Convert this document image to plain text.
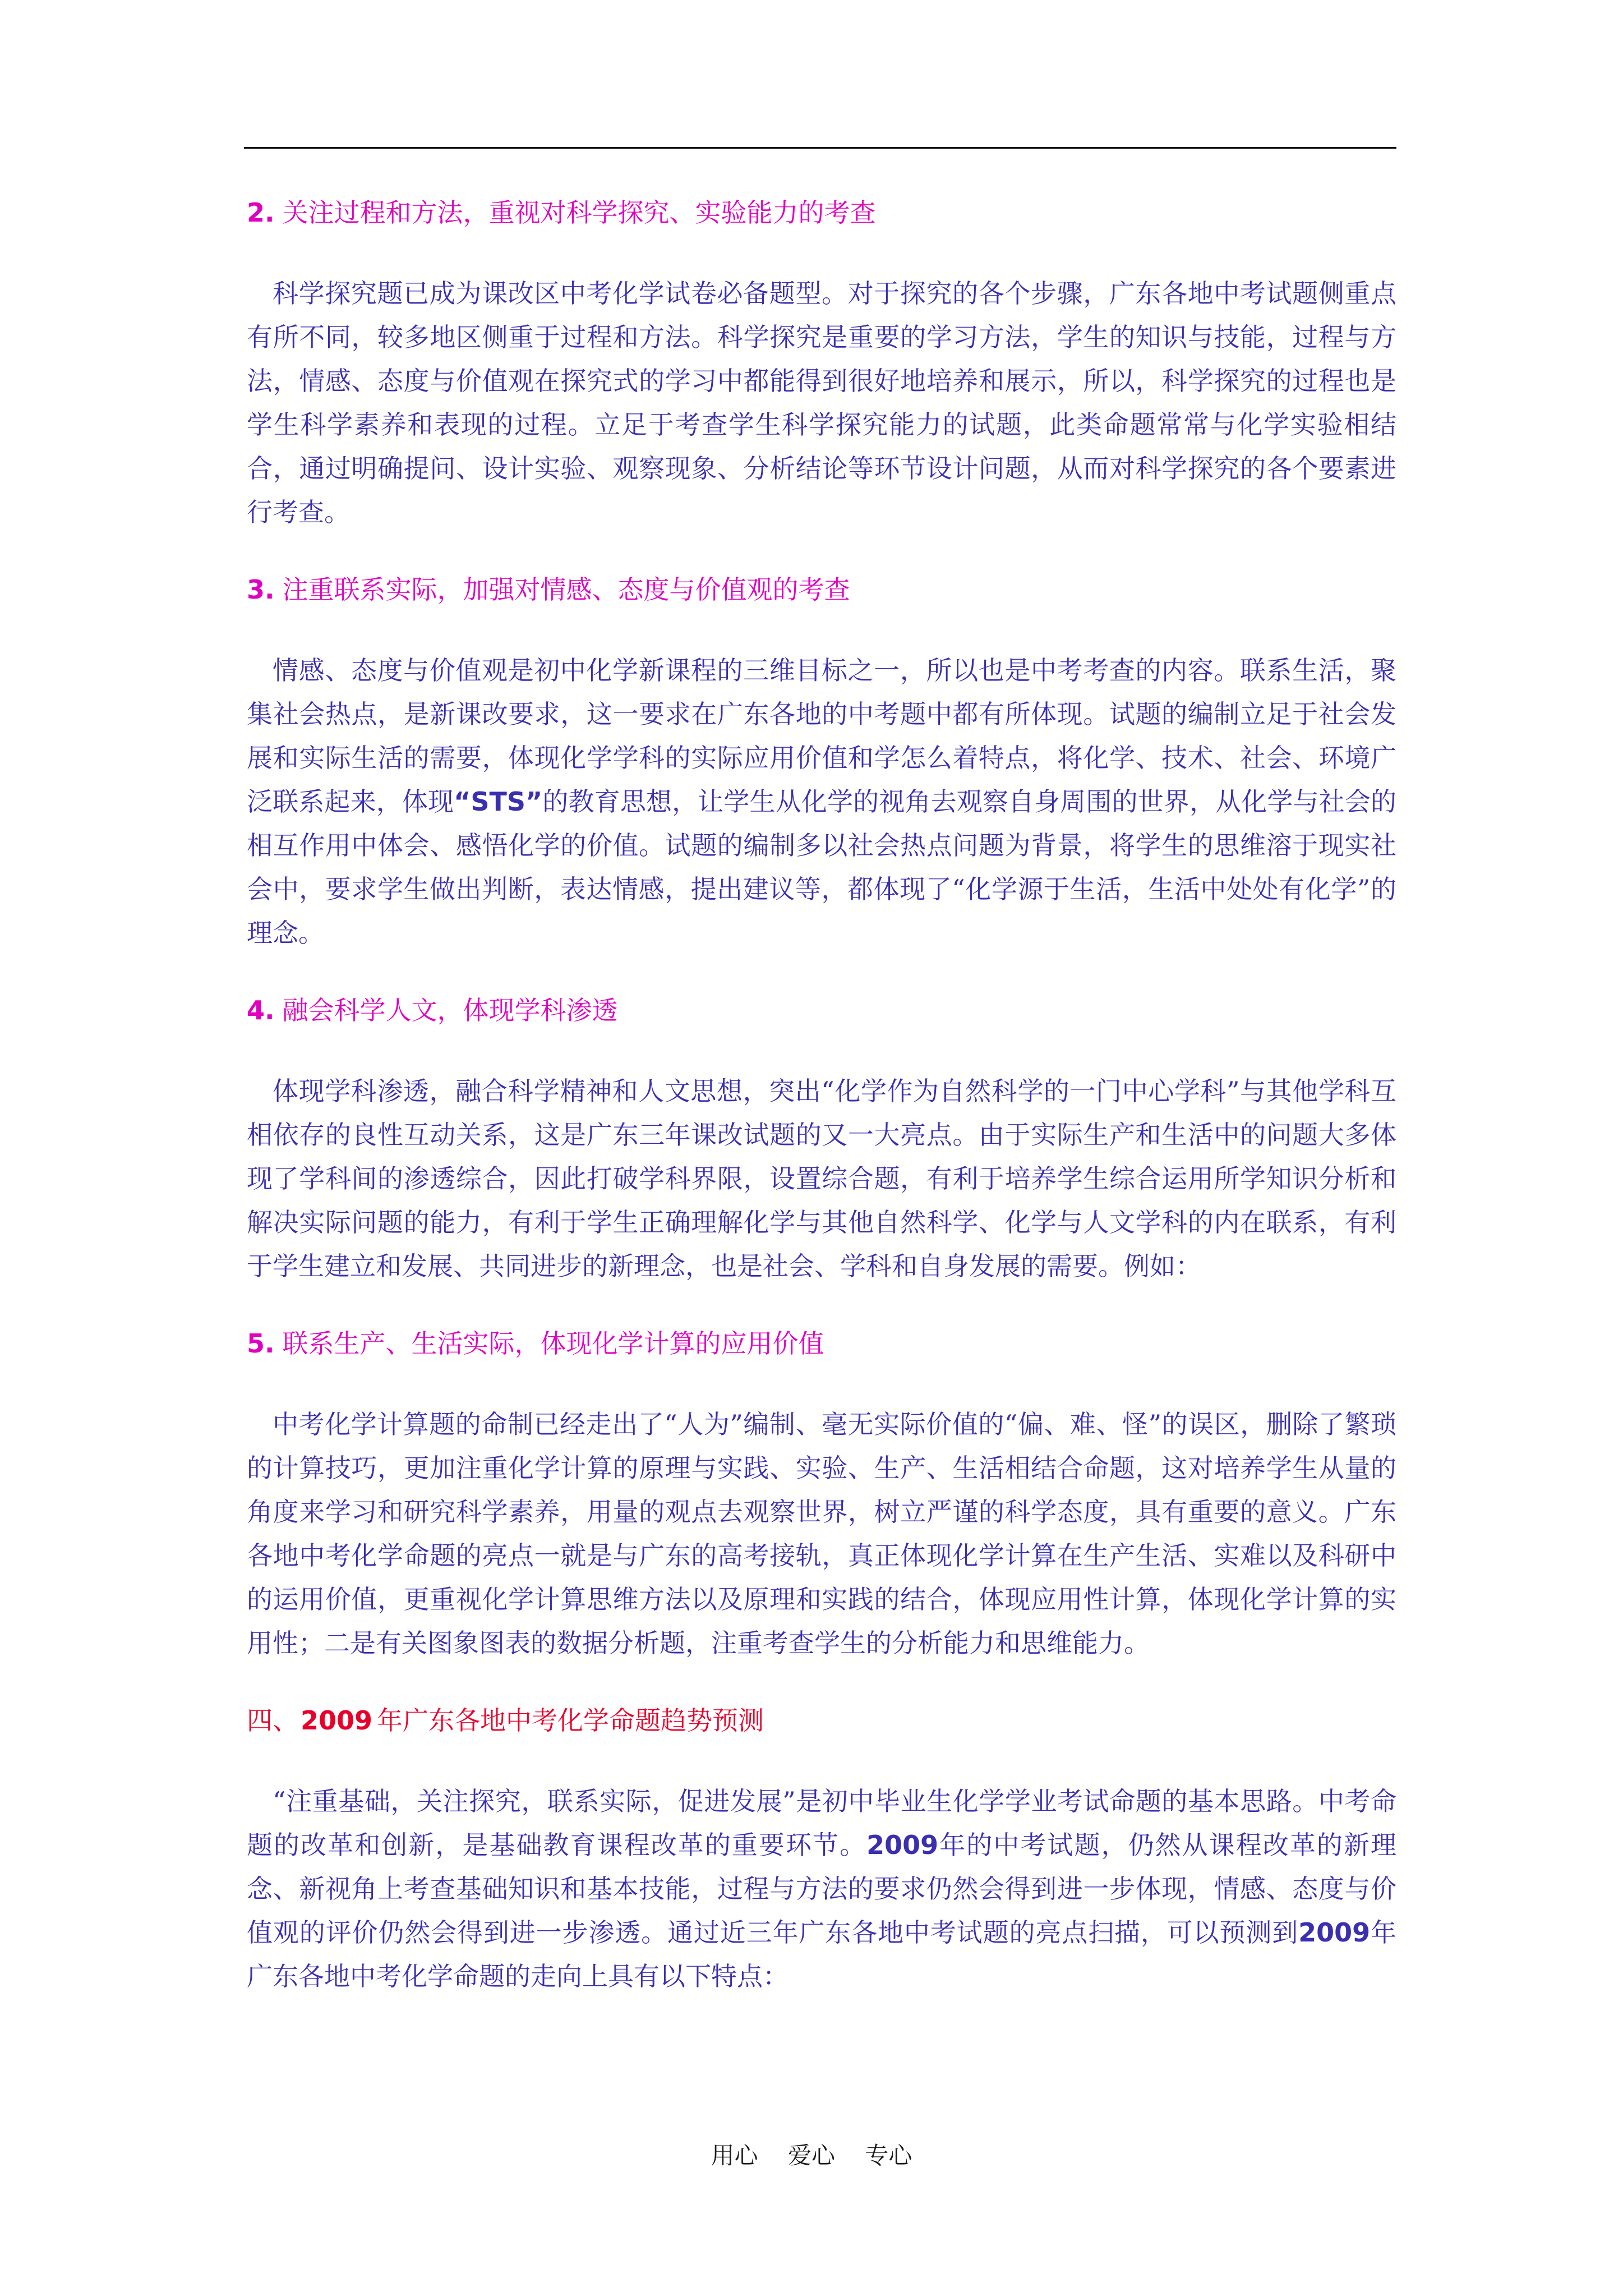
2. 关注过程和方法，重视对科学探究、实验能力的考查

科学探究题已成为课改区中考化学试卷必备题型。对于探究的各个步骤，广东各地中考试题侧重点有所不同，较多地区侧重于过程和方法。科学探究是重要的学习方法，学生的知识与技能，过程与方法，情感、态度与价值观在探究式的学习中都能得到很好地培养和展示，所以，科学探究的过程也是学生科学素养和表现的过程。立足于考查学生科学探究能力的试题，此类命题常常与化学实验相结合，通过明确提问、设计实验、观察现象、分析结论等环节设计问题，从而对科学探究的各个要素进行考查。

3. 注重联系实际，加强对情感、态度与价值观的考查

情感、态度与价值观是初中化学新课程的三维目标之一，所以也是中考考查的内容。联系生活，聚集社会热点，是新课改要求，这一要求在广东各地的中考题中都有所体现。试题的编制立足于社会发展和实际生活的需要，体现化学学科的实际应用价值和学怎么着特点，将化学、技术、社会、环境广泛联系起来，体现“STS”的教育思想，让学生从化学的视角去观察自身周围的世界，从化学与社会的相互作用中体会、感悟化学的价值。试题的编制多以社会热点问题为背景，将学生的思维溶于现实社会中，要求学生做出判断，表达情感，提出建议等，都体现了“化学源于生活，生活中处处有化学”的理念。

4. 融会科学人文，体现学科渗透

体现学科渗透，融合科学精神和人文思想，突出“化学作为自然科学的一门中心学科”与其他学科互相依存的良性互动关系，这是广东三年课改试题的又一大亮点。由于实际生产和生活中的问题大多体现了学科间的渗透综合，因此打破学科界限，设置综合题，有利于培养学生综合运用所学知识分析和解决实际问题的能力，有利于学生正确理解化学与其他自然科学、化学与人文学科的内在联系，有利于学生建立和发展、共同进步的新理念，也是社会、学科和自身发展的需要。例如：

5. 联系生产、生活实际，体现化学计算的应用价值

中考化学计算题的命制已经走出了“人为”编制、毫无实际价值的“偏、难、怪”的误区，删除了繁琐的计算技巧，更加注重化学计算的原理与实践、实验、生产、生活相结合命题，这对培养学生从量的角度来学习和研究科学素养，用量的观点去观察世界，树立严谨的科学态度，具有重要的意义。广东各地中考化学命题的亮点一就是与广东的高考接轨，真正体现化学计算在生产生活、实难以及科研中的运用价值，更重视化学计算思维方法以及原理和实践的结合，体现应用性计算，体现化学计算的实用性；二是有关图象图表的数据分析题，注重考查学生的分析能力和思维能力。

四、2009 年广东各地中考化学命题趋势预测

“注重基础，关注探究，联系实际，促进发展”是初中毕业生化学学业考试命题的基本思路。中考命题的改革和创新，是基础教育课程改革的重要环节。2009年的中考试题，仍然从课程改革的新理念、新视角上考查基础知识和基本技能，过程与方法的要求仍然会得到进一步体现，情感、态度与价值观的评价仍然会得到进一步渗透。通过近三年广东各地中考试题的亮点扫描，可以预测到2009年广东各地中考化学命题的走向上具有以下特点：

用心 爱心 专心
